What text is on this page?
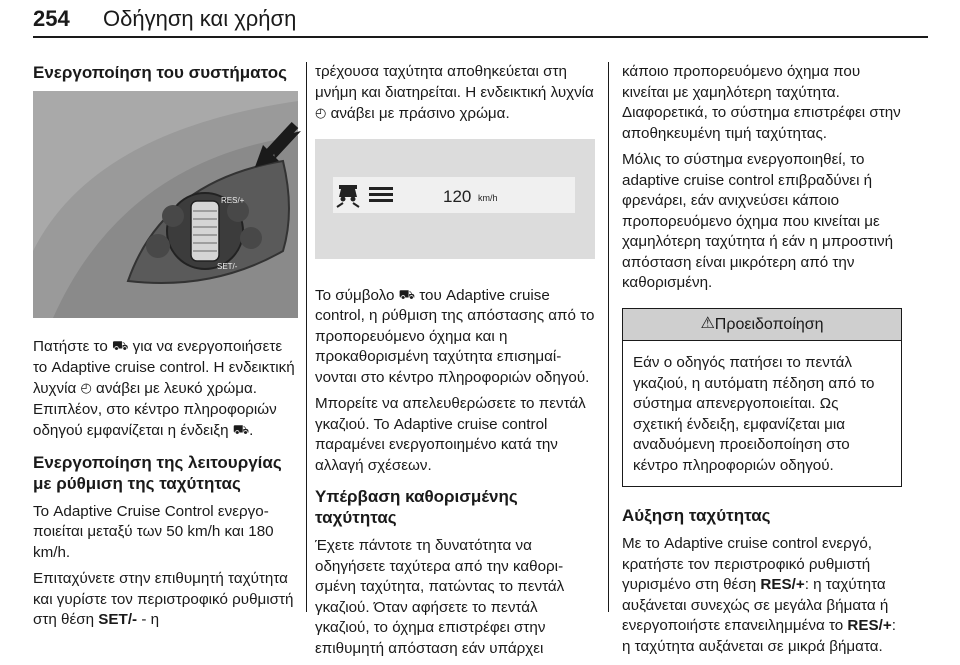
254	Οδήγηση και χρήση
Ενεργοποίηση του συστήματος
RES/+
SET/-

Πατήστε το ⛟ για να ενεργοποιήσετε το Adaptive cruise control. Η ενδεικτική λυχνία ◴ ανάβει με λευκό χρώμα. Επιπλέον, στο κέντρο πληροφοριών οδηγού εμφανίζεται η ένδειξη ⛟.

Ενεργοποίηση της λειτουργίας με ρύθμιση της ταχύτητας

Το Adaptive Cruise Control ενεργοποιείται μεταξύ των 50 km/h και 180 km/h.

Επιταχύνετε στην επιθυμητή ταχύτητα και γυρίστε τον περιστροφικό ρυθμιστή στη θέση SET/- - η

τρέχουσα ταχύτητα αποθηκεύεται στη μνήμη και διατηρείται. Η ενδεικτική λυχνία ◴ ανάβει με πράσινο χρώμα.

120 km/h

Το σύμβολο ⛟ του Adaptive cruise control, η ρύθμιση της απόστασης από το προπορευόμενο όχημα και η προκαθορισμένη ταχύτητα επισημαίνονται στο κέντρο πληροφοριών οδηγού.

Μπορείτε να απελευθερώσετε το πεντάλ γκαζιού. Το Adaptive cruise control παραμένει ενεργοποιημένο κατά την αλλαγή σχέσεων.

Υπέρβαση καθορισμένης ταχύτητας

Έχετε πάντοτε τη δυνατότητα να οδηγήσετε ταχύτερα από την καθορισμένη ταχύτητα, πατώντας το πεντάλ γκαζιού. Όταν αφήσετε το πεντάλ γκαζιού, το όχημα επιστρέφει στην επιθυμητή απόσταση εάν υπάρχει

κάποιο προπορευόμενο όχημα που κινείται με χαμηλότερη ταχύτητα. Διαφορετικά, το σύστημα επιστρέφει στην αποθηκευμένη τιμή ταχύτητας.

Μόλις το σύστημα ενεργοποιηθεί, το adaptive cruise control επιβραδύνει ή φρενάρει, εάν ανιχνεύσει κάποιο προπορευόμενο όχημα που κινείται με χαμηλότερη ταχύτητα ή εάν η μπροστινή απόσταση είναι μικρότερη από την καθορισμένη.

⚠Προειδοποίηση
Εάν ο οδηγός πατήσει το πεντάλ γκαζιού, η αυτόματη πέδηση από το σύστημα απενεργοποιείται. Ως σχετική ένδειξη, εμφανίζεται μια αναδυόμενη προειδοποίηση στο κέντρο πληροφοριών οδηγού.
Αύξηση ταχύτητας

Με το Adaptive cruise control ενεργό, κρατήστε τον περιστροφικό ρυθμιστή γυρισμένο στη θέση RES/+: η ταχύτητα αυξάνεται συνεχώς σε μεγάλα βήματα ή ενεργοποιήστε επανειλημμένα το RES/+: η ταχύτητα αυξάνεται σε μικρά βήματα.
